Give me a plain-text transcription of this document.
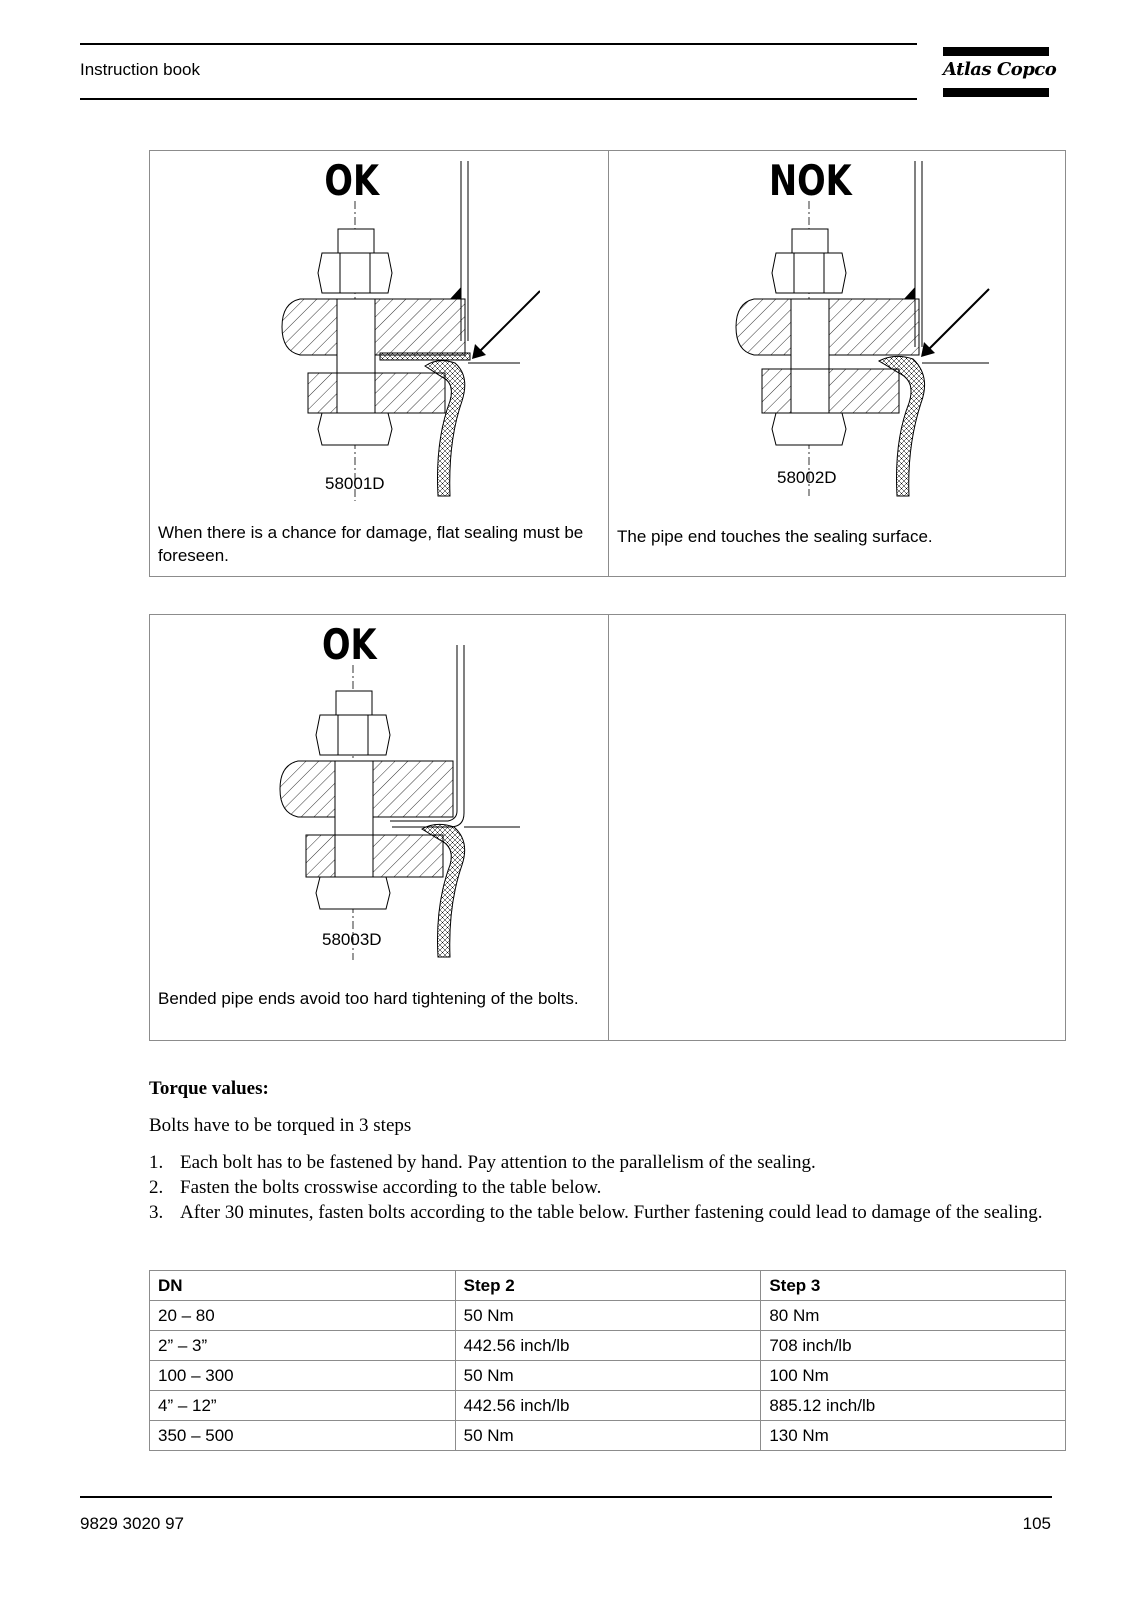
Instruction book	Atlas Copco
OK
58001D
When there is a chance for damage, flat sealing must be foreseen.
NOK
58002D
The pipe end touches the sealing surface.
OK
58003D
Bended pipe ends avoid too hard tightening of the bolts.
Torque values:
Bolts have to be torqued in 3 steps
1. Each bolt has to be fastened by hand. Pay attention to the parallelism of the sealing.
2. Fasten the bolts crosswise according to the table below.
3. After 30 minutes, fasten bolts according to the table below. Further fastening could lead to damage of the sealing.
DN	Step 2	Step 3
20 – 80	50 Nm	80 Nm
2” – 3”	442.56 inch/lb	708 inch/lb
100 – 300	50 Nm	100 Nm
4” – 12”	442.56 inch/lb	885.12 inch/lb
350 – 500	50 Nm	130 Nm
9829 3020 97	105
